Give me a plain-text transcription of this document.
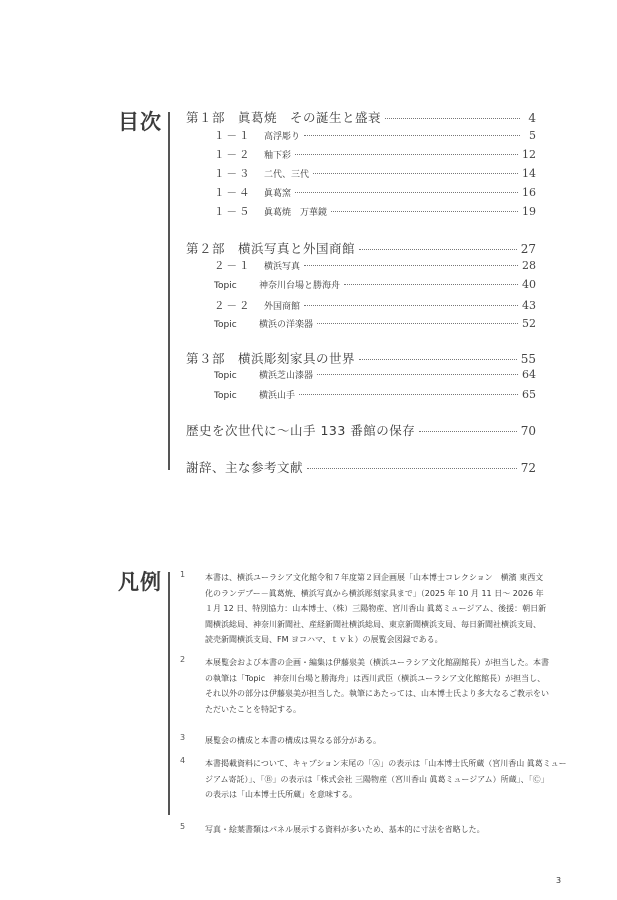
目次 第１部　眞葛焼　その誕生と盛衰	4
１－１ 高浮彫り	5
１－２ 釉下彩	12
１－３ 二代、三代	14
１－４ 眞葛窯	16
１－５ 眞葛焼　万華鏡	19
第２部　横浜写真と外国商館	27
２－１ 横浜写真	28
Topic 神奈川台場と勝海舟	40
２－２ 外国商館	43
Topic 横浜の洋楽器	52
第３部　横浜彫刻家具の世界	55
Topic 横浜芝山漆器	64
Topic 横浜山手	65
歴史を次世代に～山手 133 番館の保存	70
謝辞、主な参考文献	72
凡例 1	本書は、横浜ユーラシア文化館令和７年度第２回企画展「山本博士コレクション　横濱 東西文
化のランデブー－眞葛焼、横浜写真から横浜彫刻家具まで」（2025 年 10 月 11 日～ 2026 年
１月 12 日、特別協力：山本博士、（株）三陽物産、宮川香山 眞葛ミュージアム、後援：朝日新
聞横浜総局、神奈川新聞社、産経新聞社横浜総局、東京新聞横浜支局、毎日新聞社横浜支局、
読売新聞横浜支局、FM ヨコハマ、ｔｖｋ）の展覧会図録である。
2	本展覧会および本書の企画・編集は伊藤泉美（横浜ユーラシア文化館副館長）が担当した。本書
の執筆は「Topic　神奈川台場と勝海舟」は西川武臣（横浜ユーラシア文化館館長）が担当し、
それ以外の部分は伊藤泉美が担当した。執筆にあたっては、山本博士氏より多大なるご教示をい
ただいたことを特記する。
3	展覧会の構成と本書の構成は異なる部分がある。
4	本書掲載資料について、キャプション末尾の「Ⓐ」の表示は「山本博士氏所蔵（宮川香山 眞葛ミュー
ジアム寄託）」、「Ⓑ」の表示は「株式会社 三陽物産（宮川香山 眞葛ミュージアム）所蔵」、「Ⓒ」
の表示は「山本博士氏所蔵」を意味する。
5	写真・絵葉書類はパネル展示する資料が多いため、基本的に寸法を省略した。
3
